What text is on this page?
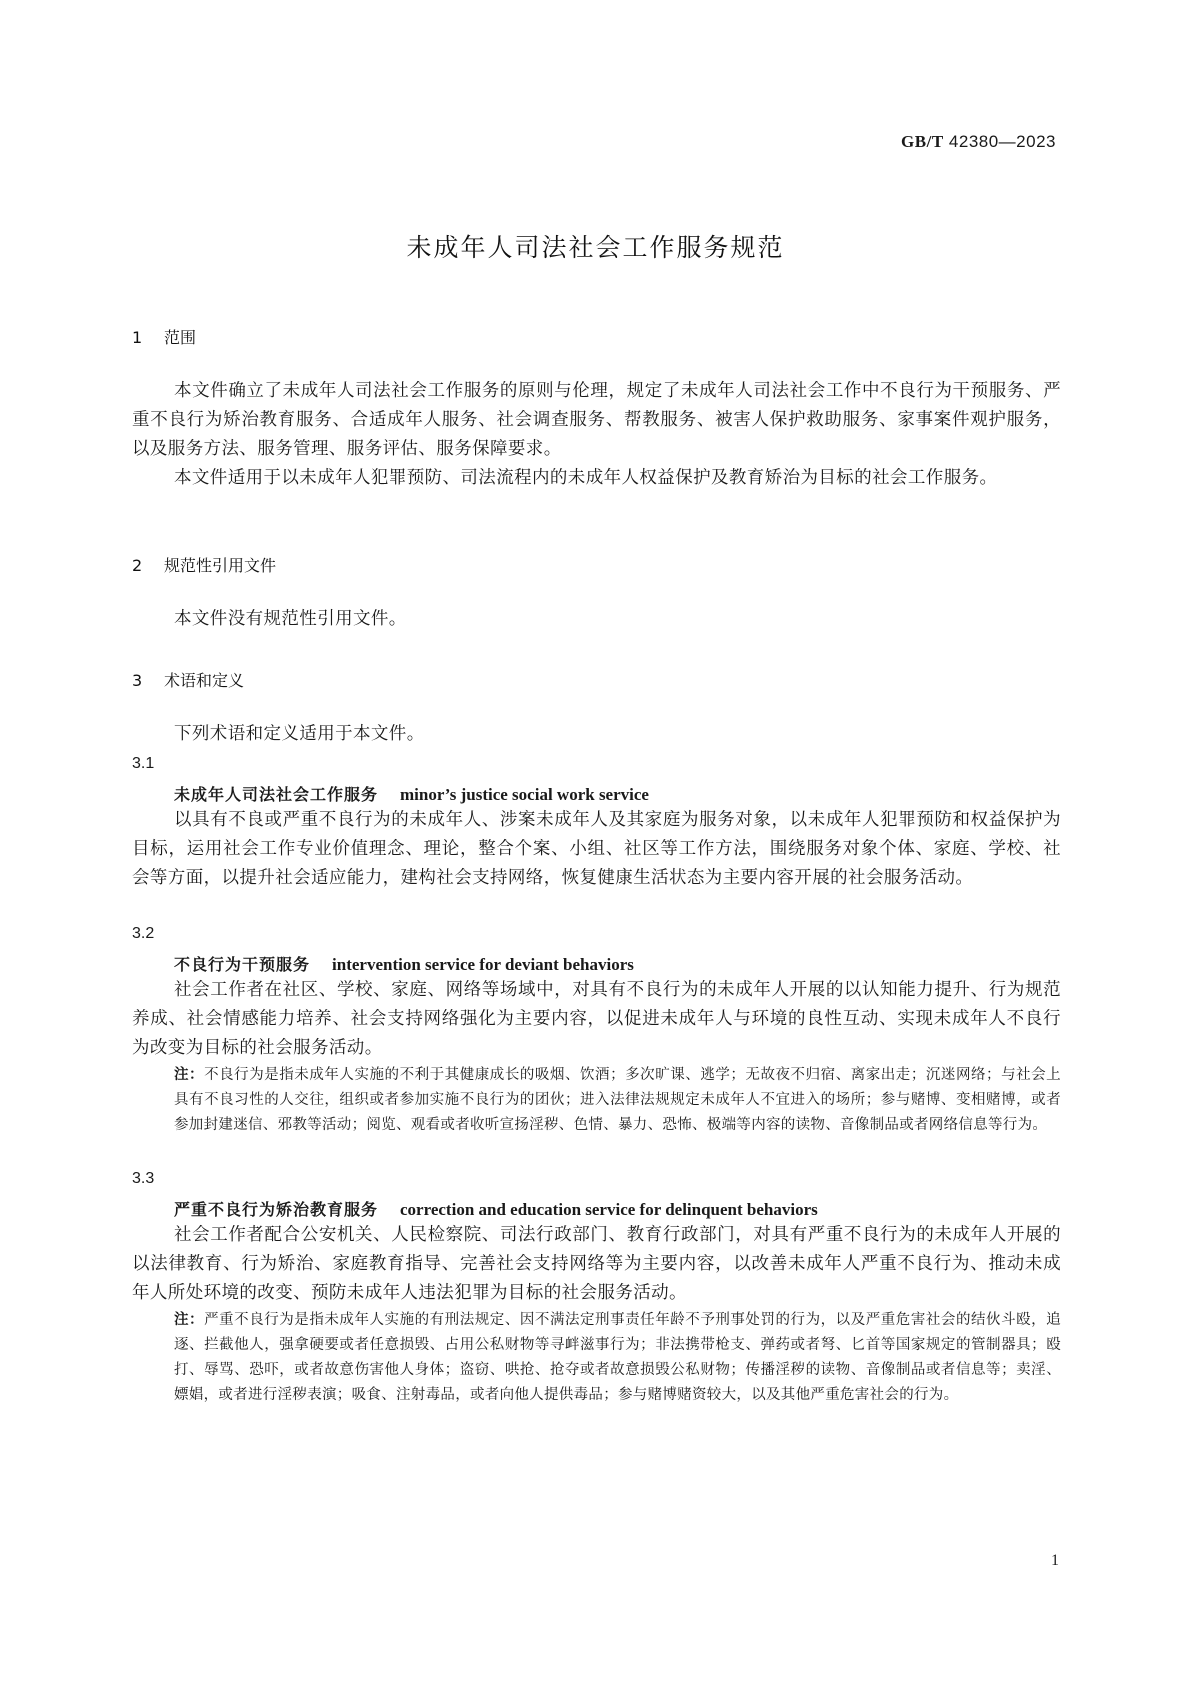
GB/T 42380—2023
未成年人司法社会工作服务规范
1 范围
本文件确立了未成年人司法社会工作服务的原则与伦理，规定了未成年人司法社会工作中不良行为干预服务、严重不良行为矫治教育服务、合适成年人服务、社会调查服务、帮教服务、被害人保护救助服务、家事案件观护服务，以及服务方法、服务管理、服务评估、服务保障要求。
本文件适用于以未成年人犯罪预防、司法流程内的未成年人权益保护及教育矫治为目标的社会工作服务。
2 规范性引用文件
本文件没有规范性引用文件。
3 术语和定义
下列术语和定义适用于本文件。
3.1
未成年人司法社会工作服务 minor’s justice social work service
以具有不良或严重不良行为的未成年人、涉案未成年人及其家庭为服务对象，以未成年人犯罪预防和权益保护为目标，运用社会工作专业价值理念、理论，整合个案、小组、社区等工作方法，围绕服务对象个体、家庭、学校、社会等方面，以提升社会适应能力，建构社会支持网络，恢复健康生活状态为主要内容开展的社会服务活动。
3.2
不良行为干预服务 intervention service for deviant behaviors
社会工作者在社区、学校、家庭、网络等场域中，对具有不良行为的未成年人开展的以认知能力提升、行为规范养成、社会情感能力培养、社会支持网络强化为主要内容，以促进未成年人与环境的良性互动、实现未成年人不良行为改变为目标的社会服务活动。
注：不良行为是指未成年人实施的不利于其健康成长的吸烟、饮酒；多次旷课、逃学；无故夜不归宿、离家出走；沉迷网络；与社会上具有不良习性的人交往，组织或者参加实施不良行为的团伙；进入法律法规规定未成年人不宜进入的场所；参与赌博、变相赌博，或者参加封建迷信、邪教等活动；阅览、观看或者收听宣扬淫秽、色情、暴力、恐怖、极端等内容的读物、音像制品或者网络信息等行为。
3.3
严重不良行为矫治教育服务 correction and education service for delinquent behaviors
社会工作者配合公安机关、人民检察院、司法行政部门、教育行政部门，对具有严重不良行为的未成年人开展的以法律教育、行为矫治、家庭教育指导、完善社会支持网络等为主要内容，以改善未成年人严重不良行为、推动未成年人所处环境的改变、预防未成年人违法犯罪为目标的社会服务活动。
注：严重不良行为是指未成年人实施的有刑法规定、因不满法定刑事责任年龄不予刑事处罚的行为，以及严重危害社会的结伙斗殴，追逐、拦截他人，强拿硬要或者任意损毁、占用公私财物等寻衅滋事行为；非法携带枪支、弹药或者弩、匕首等国家规定的管制器具；殴打、辱骂、恐吓，或者故意伤害他人身体；盗窃、哄抢、抢夺或者故意损毁公私财物；传播淫秽的读物、音像制品或者信息等；卖淫、嫖娼，或者进行淫秽表演；吸食、注射毒品，或者向他人提供毒品；参与赌博赌资较大，以及其他严重危害社会的行为。
1
